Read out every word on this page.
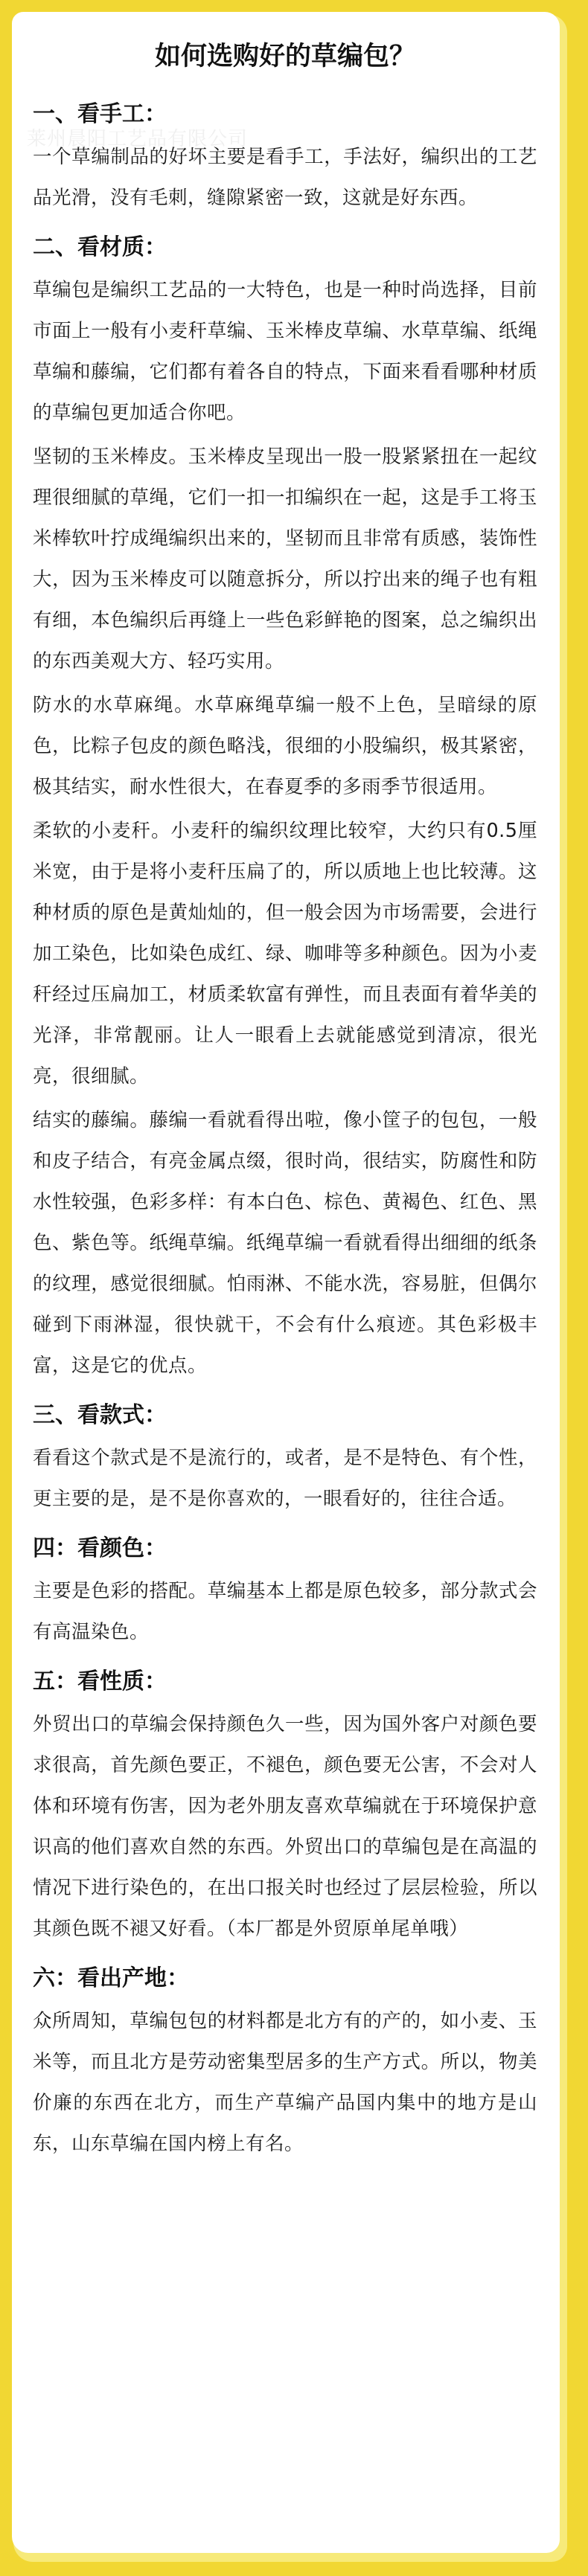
莱州晨阳工艺品有限公司
如何选购好的草编包？
一、看手工：

一个草编制品的好坏主要是看手工，手法好，编织出的工艺品光滑，没有毛刺，缝隙紧密一致，这就是好东西。

二、看材质：

草编包是编织工艺品的一大特色，也是一种时尚选择，目前市面上一般有小麦秆草编、玉米棒皮草编、水草草编、纸绳草编和藤编，它们都有着各自的特点，下面来看看哪种材质的草编包更加适合你吧。

坚韧的玉米棒皮。玉米棒皮呈现出一股一股紧紧扭在一起纹理很细腻的草绳，它们一扣一扣编织在一起，这是手工将玉米棒软叶拧成绳编织出来的，坚韧而且非常有质感，装饰性大，因为玉米棒皮可以随意拆分，所以拧出来的绳子也有粗有细，本色编织后再缝上一些色彩鲜艳的图案，总之编织出的东西美观大方、轻巧实用。

防水的水草麻绳。水草麻绳草编一般不上色，呈暗绿的原色，比粽子包皮的颜色略浅，很细的小股编织，极其紧密，极其结实，耐水性很大，在春夏季的多雨季节很适用。

柔软的小麦秆。小麦秆的编织纹理比较窄，大约只有0.5厘米宽，由于是将小麦秆压扁了的，所以质地上也比较薄。这种材质的原色是黄灿灿的，但一般会因为市场需要，会进行加工染色，比如染色成红、绿、咖啡等多种颜色。因为小麦秆经过压扁加工，材质柔软富有弹性，而且表面有着华美的光泽，非常靓丽。让人一眼看上去就能感觉到清凉，很光亮，很细腻。

结实的藤编。藤编一看就看得出啦，像小筐子的包包，一般和皮子结合，有亮金属点缀，很时尚，很结实，防腐性和防水性较强，色彩多样：有本白色、棕色、黄褐色、红色、黑色、紫色等。纸绳草编。纸绳草编一看就看得出细细的纸条的纹理，感觉很细腻。怕雨淋、不能水洗，容易脏，但偶尔碰到下雨淋湿，很快就干，不会有什么痕迹。其色彩极丰富，这是它的优点。

三、看款式：

看看这个款式是不是流行的，或者，是不是特色、有个性，更主要的是，是不是你喜欢的，一眼看好的，往往合适。

四：看颜色：

主要是色彩的搭配。草编基本上都是原色较多，部分款式会有高温染色。

五：看性质：

外贸出口的草编会保持颜色久一些，因为国外客户对颜色要求很高，首先颜色要正，不褪色，颜色要无公害，不会对人体和环境有伤害，因为老外朋友喜欢草编就在于环境保护意识高的他们喜欢自然的东西。外贸出口的草编包是在高温的情况下进行染色的，在出口报关时也经过了层层检验，所以其颜色既不褪又好看。（本厂都是外贸原单尾单哦）

六：看出产地：

众所周知，草编包包的材料都是北方有的产的，如小麦、玉米等，而且北方是劳动密集型居多的生产方式。所以，物美价廉的东西在北方，而生产草编产品国内集中的地方是山东，山东草编在国内榜上有名。
